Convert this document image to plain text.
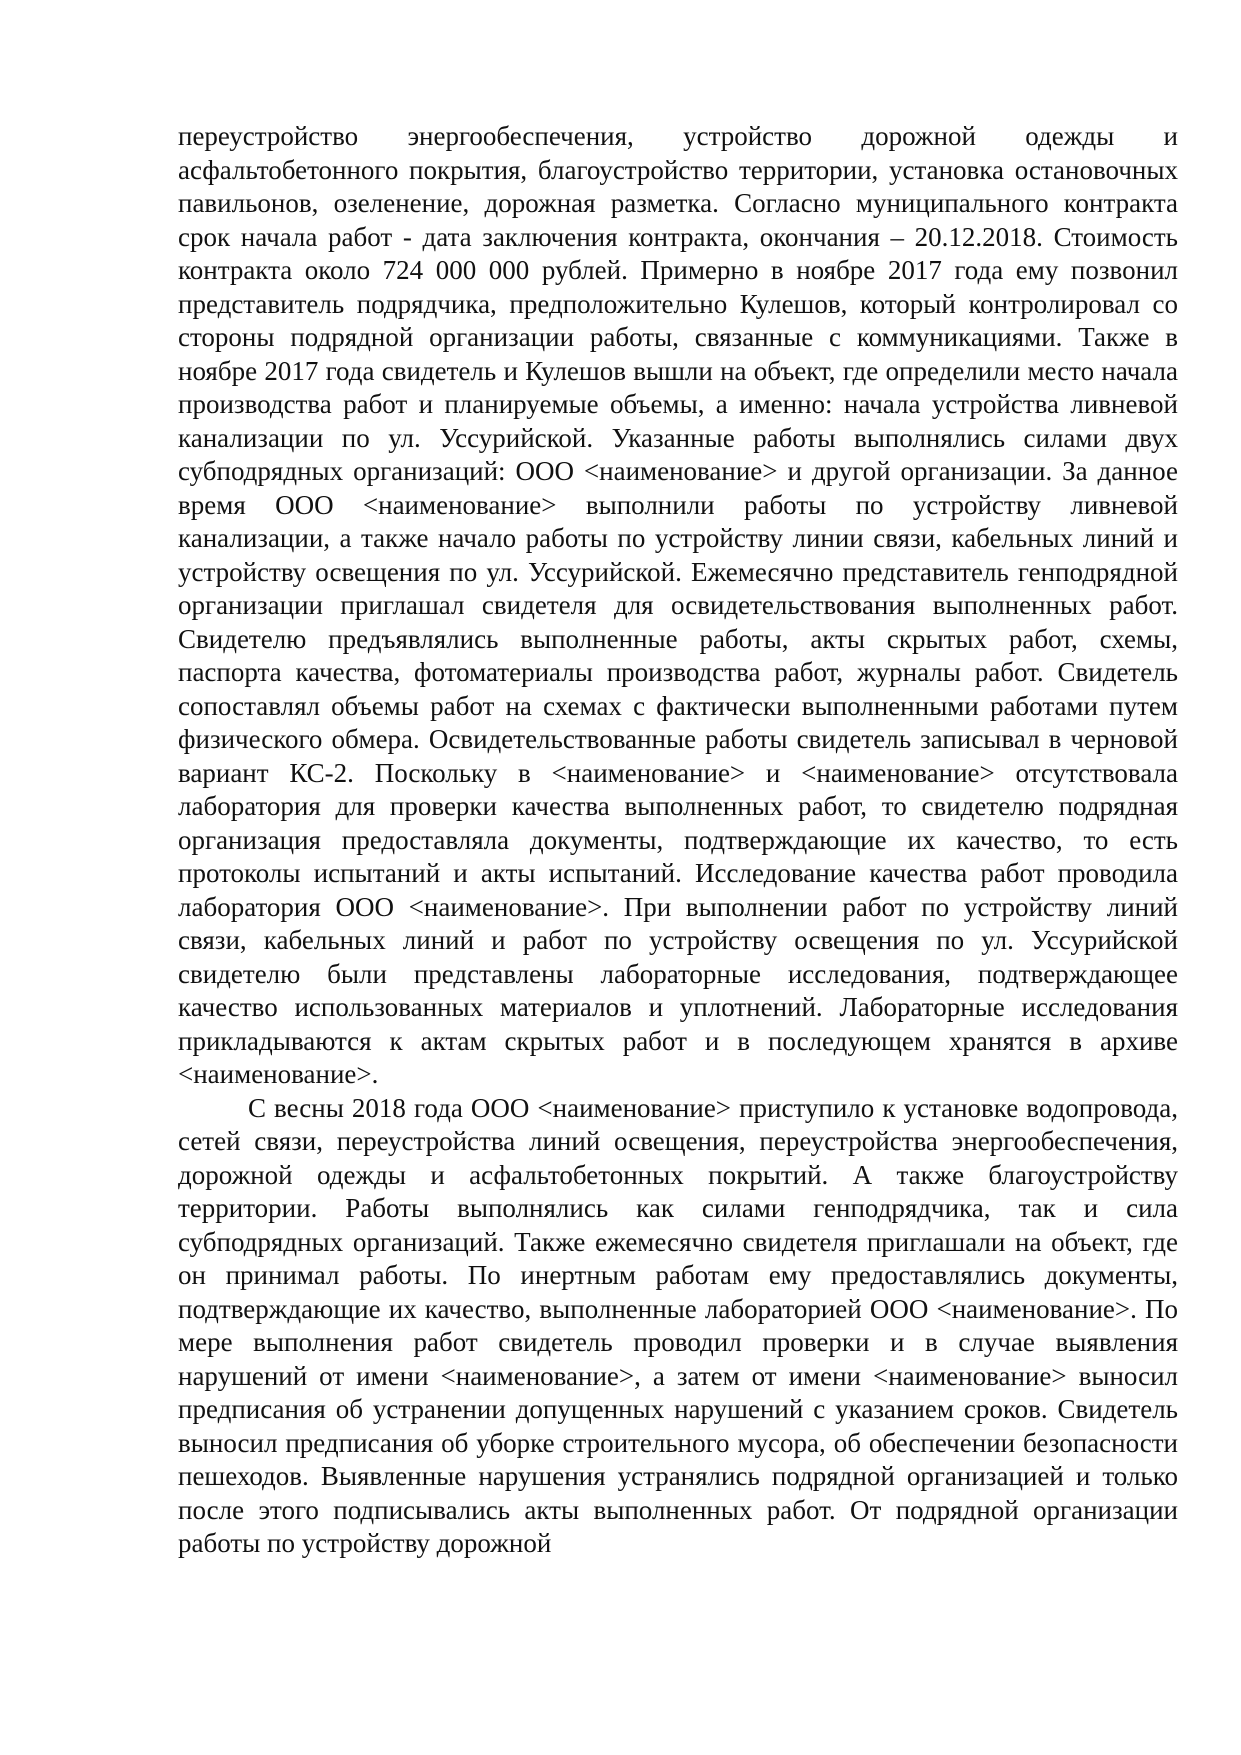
переустройство энергообеспечения, устройство дорожной одежды и асфальтобетонного покрытия, благоустройство территории, установка остановочных павильонов, озеленение, дорожная разметка. Согласно муниципального контракта срок начала работ - дата заключения контракта, окончания – 20.12.2018. Стоимость контракта около 724 000 000 рублей. Примерно в ноябре 2017 года ему позвонил представитель подрядчика, предположительно Кулешов, который контролировал со стороны подрядной организации работы, связанные с коммуникациями. Также в ноябре 2017 года свидетель и Кулешов вышли на объект, где определили место начала производства работ и планируемые объемы, а именно: начала устройства ливневой канализации по ул. Уссурийской. Указанные работы выполнялись силами двух субподрядных организаций: ООО <наименование> и другой организации. За данное время ООО <наименование> выполнили работы по устройству ливневой канализации, а также начало работы по устройству линии связи, кабельных линий и устройству освещения по ул. Уссурийской. Ежемесячно представитель генподрядной организации приглашал свидетеля для освидетельствования выполненных работ. Свидетелю предъявлялись выполненные работы, акты скрытых работ, схемы, паспорта качества, фотоматериалы производства работ, журналы работ. Свидетель сопоставлял объемы работ на схемах с фактически выполненными работами путем физического обмера. Освидетельствованные работы свидетель записывал в черновой вариант КС-2. Поскольку в <наименование> и <наименование> отсутствовала лаборатория для проверки качества выполненных работ, то свидетелю подрядная организация предоставляла документы, подтверждающие их качество, то есть протоколы испытаний и акты испытаний. Исследование качества работ проводила лаборатория ООО <наименование>. При выполнении работ по устройству линий связи, кабельных линий и работ по устройству освещения по ул. Уссурийской свидетелю были представлены лабораторные исследования, подтверждающее качество использованных материалов и уплотнений. Лабораторные исследования прикладываются к актам скрытых работ и в последующем хранятся в архиве <наименование>.

С весны 2018 года ООО <наименование> приступило к установке водопровода, сетей связи, переустройства линий освещения, переустройства энергообеспечения, дорожной одежды и асфальтобетонных покрытий. А также благоустройству территории. Работы выполнялись как силами генподрядчика, так и сила субподрядных организаций. Также ежемесячно свидетеля приглашали на объект, где он принимал работы. По инертным работам ему предоставлялись документы, подтверждающие их качество, выполненные лабораторией ООО <наименование>. По мере выполнения работ свидетель проводил проверки и в случае выявления нарушений от имени <наименование>, а затем от имени <наименование> выносил предписания об устранении допущенных нарушений с указанием сроков. Свидетель выносил предписания об уборке строительного мусора, об обеспечении безопасности пешеходов. Выявленные нарушения устранялись подрядной организацией и только после этого подписывались акты выполненных работ. От подрядной организации работы по устройству дорожной
